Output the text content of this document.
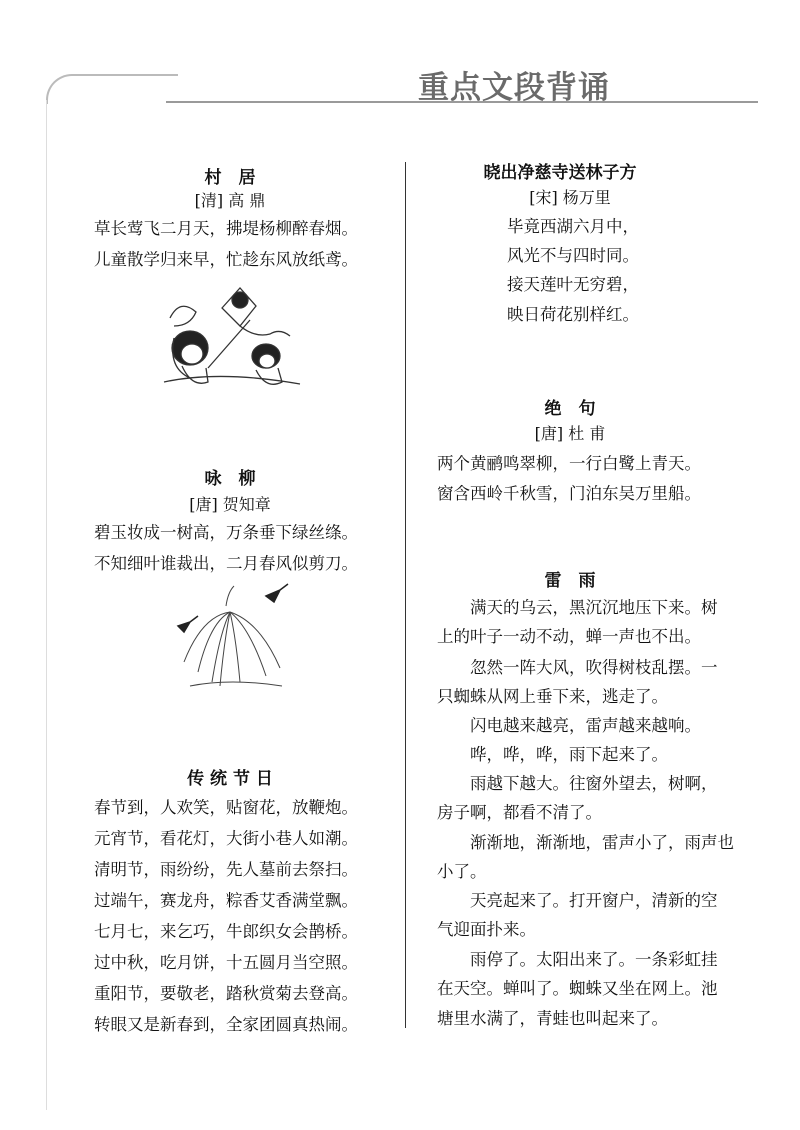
重点文段背诵
村　居
[清] 高 鼎
草长莺飞二月天，拂堤杨柳醉春烟。
儿童散学归来早，忙趁东风放纸鸢。
咏　柳
[唐] 贺知章
碧玉妆成一树高，万条垂下绿丝绦。
不知细叶谁裁出，二月春风似剪刀。
传 统 节 日
春节到，人欢笑，贴窗花，放鞭炮。
元宵节，看花灯，大街小巷人如潮。
清明节，雨纷纷，先人墓前去祭扫。
过端午，赛龙舟，粽香艾香满堂飘。
七月七，来乞巧，牛郎织女会鹊桥。
过中秋，吃月饼，十五圆月当空照。
重阳节，要敬老，踏秋赏菊去登高。
转眼又是新春到，全家团圆真热闹。
晓出净慈寺送林子方
[宋] 杨万里
毕竟西湖六月中，
风光不与四时同。
接天莲叶无穷碧，
映日荷花别样红。
绝　句
[唐] 杜 甫
两个黄鹂鸣翠柳，一行白鹭上青天。
窗含西岭千秋雪，门泊东吴万里船。
雷　雨
满天的乌云，黑沉沉地压下来。树
上的叶子一动不动，蝉一声也不出。
忽然一阵大风，吹得树枝乱摆。一
只蜘蛛从网上垂下来，逃走了。
闪电越来越亮，雷声越来越响。
哗，哗，哗，雨下起来了。
雨越下越大。往窗外望去，树啊，
房子啊，都看不清了。
渐渐地，渐渐地，雷声小了，雨声也
小了。
天亮起来了。打开窗户，清新的空
气迎面扑来。
雨停了。太阳出来了。一条彩虹挂
在天空。蝉叫了。蜘蛛又坐在网上。池
塘里水满了，青蛙也叫起来了。
